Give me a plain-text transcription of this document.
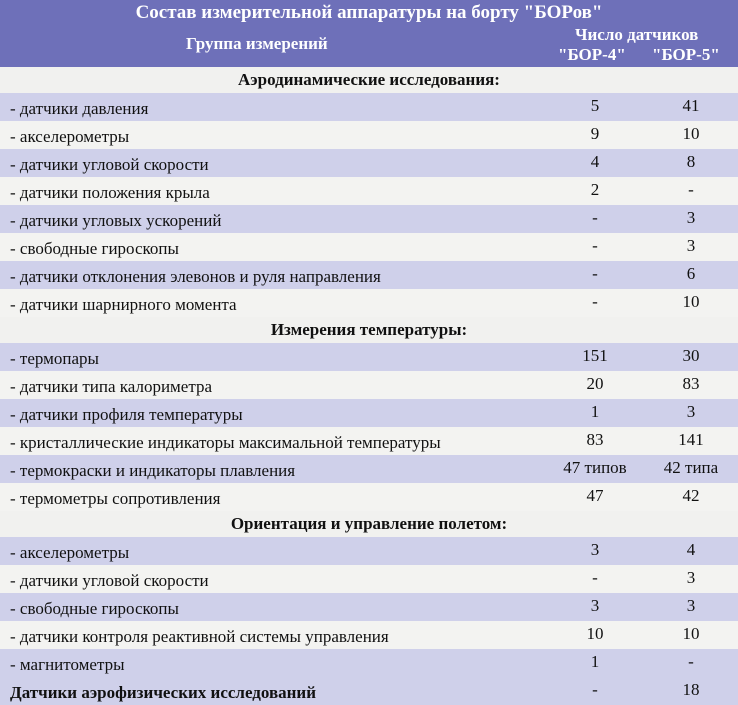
Состав измерительной аппаратуры на борту "БОРов"
Группа измерений	Число датчиков
"БОР-4" "БОР-5"
Аэродинамические исследования:
- датчики давления	5	41
- акселерометры	9	10
- датчики угловой скорости	4	8
- датчики положения крыла	2	-
- датчики угловых ускорений	-	3
- свободные гироскопы	-	3
- датчики отклонения элевонов и руля направления	-	6
- датчики шарнирного момента	-	10
Измерения температуры:
- термопары	151	30
- датчики типа калориметра	20	83
- датчики профиля температуры	1	3
- кристаллические индикаторы максимальной температуры	83	141
- термокраски и индикаторы плавления	47 типов	42 типа
- термометры сопротивления	47	42
Ориентация и управление полетом:
- акселерометры	3	4
- датчики угловой скорости	-	3
- свободные гироскопы	3	3
- датчики контроля реактивной системы управления	10	10
- магнитометры	1	-
Датчики аэрофизических исследований	-	18
